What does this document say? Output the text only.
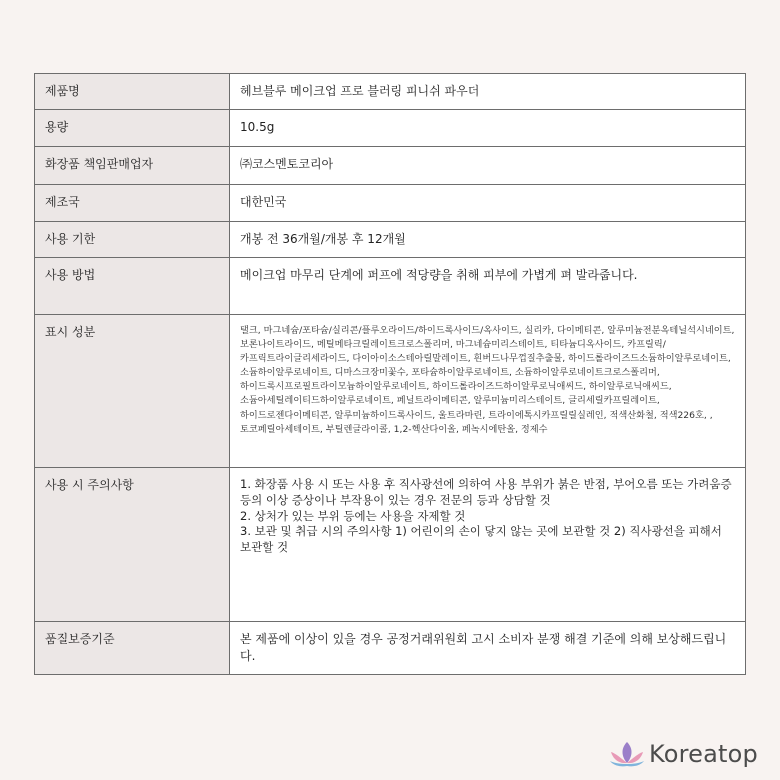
제품명	헤브블루 메이크업 프로 블러링 피니쉬 파우더
용량	10.5g
화장품 책임판매업자	㈜코스멘토코리아
제조국	대한민국
사용 기한	개봉 전 36개월/개봉 후 12개월
사용 방법	메이크업 마무리 단계에 퍼프에 적당량을 취해 피부에 가볍게 펴 발라줍니다.
표시 성분	탤크, 마그네슘/포타슘/실리콘/플루오라이드/하이드록사이드/옥사이드, 실리카, 다이메티콘, 알루미늄전분옥테닐석시네이트, 보론나이트라이드, 메틸메타크릴레이트크로스폴리머, 마그네슘미리스테이트, 티타늄디옥사이드, 카프릴릭/카프릭트라이글리세라이드, 다이아이소스테아릴말레이트, 흰버드나무껍질추출물, 하이드롤라이즈드소듐하이알루로네이트, 소듐하이알루로네이트, 디마스크장미꽃수, 포타슘하이알루로네이트, 소듐하이알루로네이트크로스폴리머, 하이드록시프로필트라이모늄하이알루로네이트, 하이드롤라이즈드하이알루로닉애씨드, 하이알루로닉애씨드, 소듐아세틸레이티드하이알루로네이트, 페닐트라이메티콘, 알루미늄미리스테이트, 글리세릴카프릴레이트, 하이드로젠다이메티콘, 알루미늄하이드록사이드, 울트라마린, 트라이에톡시카프릴릴실레인, 적색산화철, 적색226호, , 토코페릴아세테이트, 부틸렌글라이콜, 1,2-헥산다이올, 페녹시에탄올, 정제수

사용 시 주의사항	1. 화장품 사용 시 또는 사용 후 직사광선에 의하여 사용 부위가 붉은 반점, 부어오름 또는 가려움증
등의 이상 증상이나 부작용이 있는 경우 전문의 등과 상담할 것
2. 상처가 있는 부위 등에는 사용을 자제할 것
3. 보관 및 취급 시의 주의사항 1) 어린이의 손이 닿지 않는 곳에 보관할 것 2) 직사광선을 피해서
보관할 것

품질보증기준	본 제품에 이상이 있을 경우 공정거래위원회 고시 소비자 분쟁 해결 기준에 의해 보상해드립니다.
Koreatop
